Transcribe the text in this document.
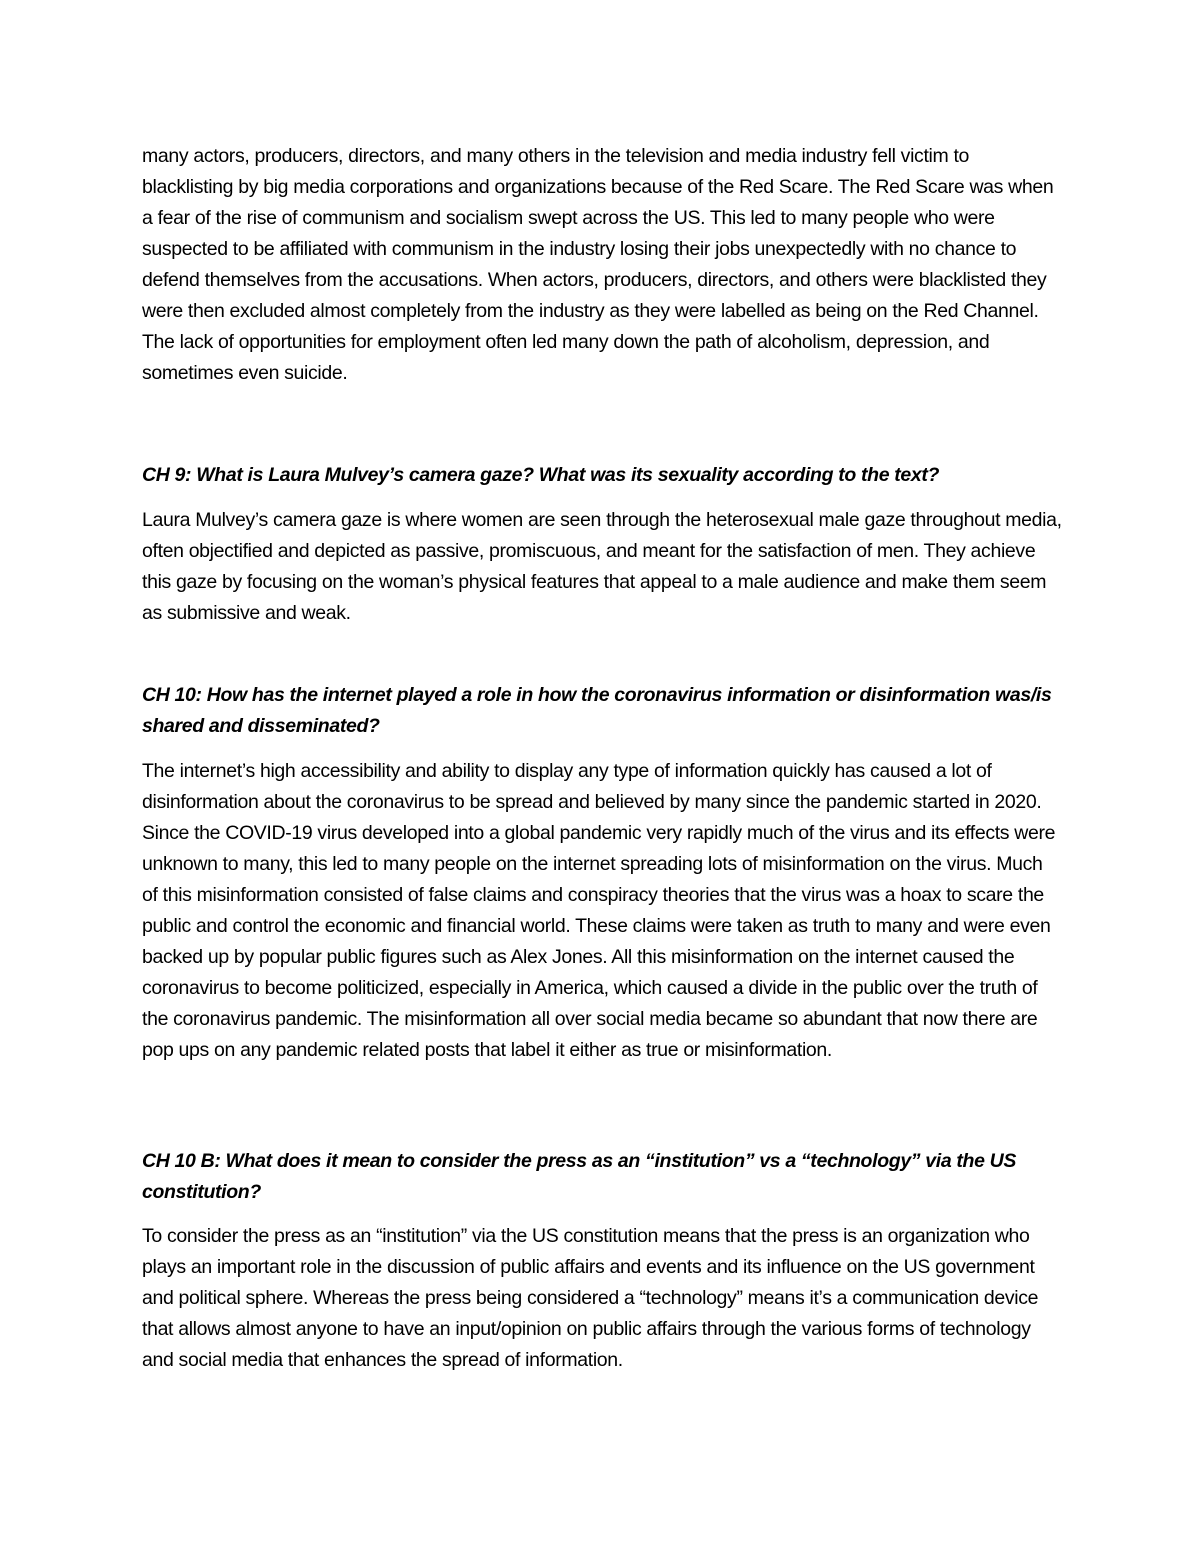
many actors, producers, directors, and many others in the television and media industry fell victim to blacklisting by big media corporations and organizations because of the Red Scare. The Red Scare was when a fear of the rise of communism and socialism swept across the US. This led to many people who were suspected to be affiliated with communism in the industry losing their jobs unexpectedly with no chance to defend themselves from the accusations. When actors, producers, directors, and others were blacklisted they were then excluded almost completely from the industry as they were labelled as being on the Red Channel. The lack of opportunities for employment often led many down the path of alcoholism, depression, and sometimes even suicide.

CH 9: What is Laura Mulvey’s camera gaze? What was its sexuality according to the text?

Laura Mulvey’s camera gaze is where women are seen through the heterosexual male gaze throughout media, often objectified and depicted as passive, promiscuous, and meant for the satisfaction of men. They achieve this gaze by focusing on the woman’s physical features that appeal to a male audience and make them seem as submissive and weak.

CH 10: How has the internet played a role in how the coronavirus information or disinformation was/is shared and disseminated?

The internet’s high accessibility and ability to display any type of information quickly has caused a lot of disinformation about the coronavirus to be spread and believed by many since the pandemic started in 2020. Since the COVID-19 virus developed into a global pandemic very rapidly much of the virus and its effects were unknown to many, this led to many people on the internet spreading lots of misinformation on the virus. Much of this misinformation consisted of false claims and conspiracy theories that the virus was a hoax to scare the public and control the economic and financial world. These claims were taken as truth to many and were even backed up by popular public figures such as Alex Jones. All this misinformation on the internet caused the coronavirus to become politicized, especially in America, which caused a divide in the public over the truth of the coronavirus pandemic. The misinformation all over social media became so abundant that now there are pop ups on any pandemic related posts that label it either as true or misinformation.

CH 10 B: What does it mean to consider the press as an “institution” vs a “technology” via the US constitution?

To consider the press as an “institution” via the US constitution means that the press is an organization who plays an important role in the discussion of public affairs and events and its influence on the US government and political sphere. Whereas the press being considered a “technology” means it’s a communication device that allows almost anyone to have an input/opinion on public affairs through the various forms of technology and social media that enhances the spread of information.
